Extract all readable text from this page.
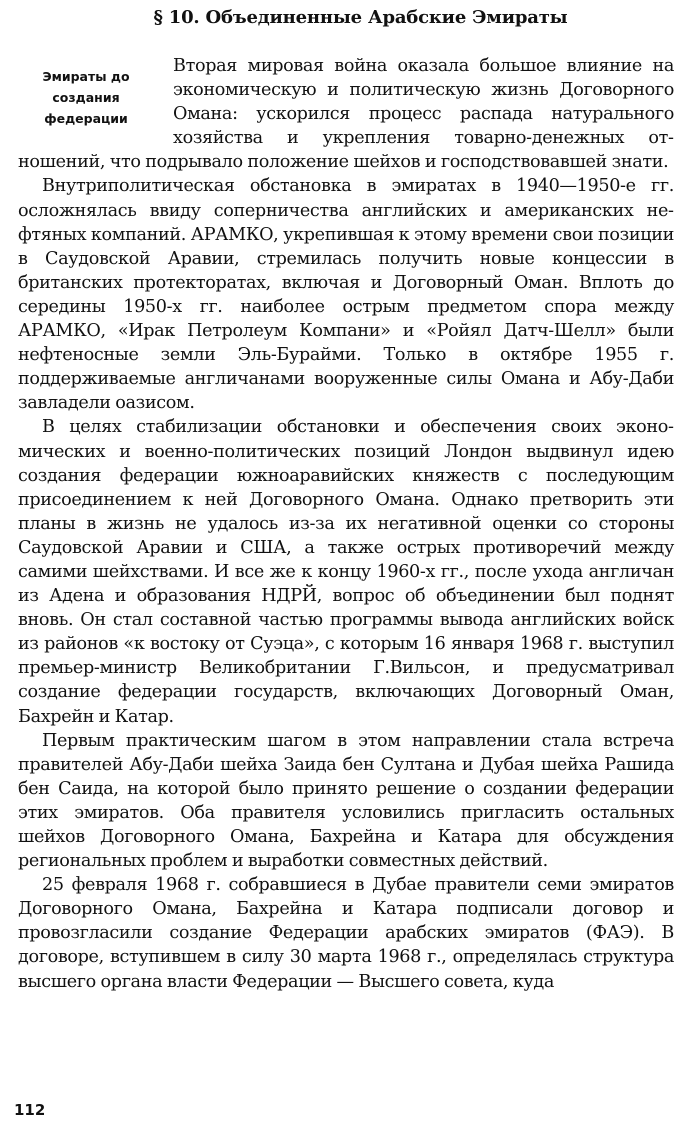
§ 10. Объединенные Арабские Эмираты
Эмираты до
создания
федерации

Вторая мировая война оказала большое влияние на экономическую и политическую жизнь Договорного Омана: ускорился процесс распада натурального хозяйства и укрепления товарно-денежных отношений, что подрывало положение шейхов и господствовавшей знати.

Внутриполитическая обстановка в эмиратах в 1940—1950-е гг. осложнялась ввиду соперничества английских и американских нефтяных компаний. АРАМКО, укрепившая к этому времени свои позиции в Саудовской Аравии, стремилась получить новые концессии в британских протекторатах, включая и Договорный Оман. Вплоть до середины 1950-х гг. наиболее острым предметом спора между АРАМКО, «Ирак Петролеум Компани» и «Ройял Датч-Шелл» были нефтеносные земли Эль-Бурайми. Только в октябре 1955 г. поддерживаемые англичанами вооруженные силы Омана и Абу-Даби завладели оазисом.

В целях стабилизации обстановки и обеспечения своих экономических и военно-политических позиций Лондон выдвинул идею создания федерации южноаравийских княжеств с последующим присоединением к ней Договорного Омана. Однако претворить эти планы в жизнь не удалось из-за их негативной оценки со стороны Саудовской Аравии и США, а также острых противоречий между самими шейхствами. И все же к концу 1960-х гг., после ухода англичан из Адена и образования НДРЙ, вопрос об объединении был поднят вновь. Он стал составной частью программы вывода английских войск из районов «к востоку от Суэца», с которым 16 января 1968 г. выступил премьер-министр Великобритании Г.Вильсон, и предусматривал создание федерации государств, включающих Договорный Оман, Бахрейн и Катар.

Первым практическим шагом в этом направлении стала встреча правителей Абу-Даби шейха Заида бен Султана и Дубая шейха Рашида бен Саида, на которой было принято решение о создании федерации этих эмиратов. Оба правителя условились пригласить остальных шейхов Договорного Омана, Бахрейна и Катара для обсуждения региональных проблем и выработки совместных действий.

25 февраля 1968 г. собравшиеся в Дубае правители семи эмиратов Договорного Омана, Бахрейна и Катара подписали договор и провозгласили создание Федерации арабских эмиратов (ФАЭ). В договоре, вступившем в силу 30 марта 1968 г., определялась структура высшего органа власти Федерации — Высшего совета, куда

112
